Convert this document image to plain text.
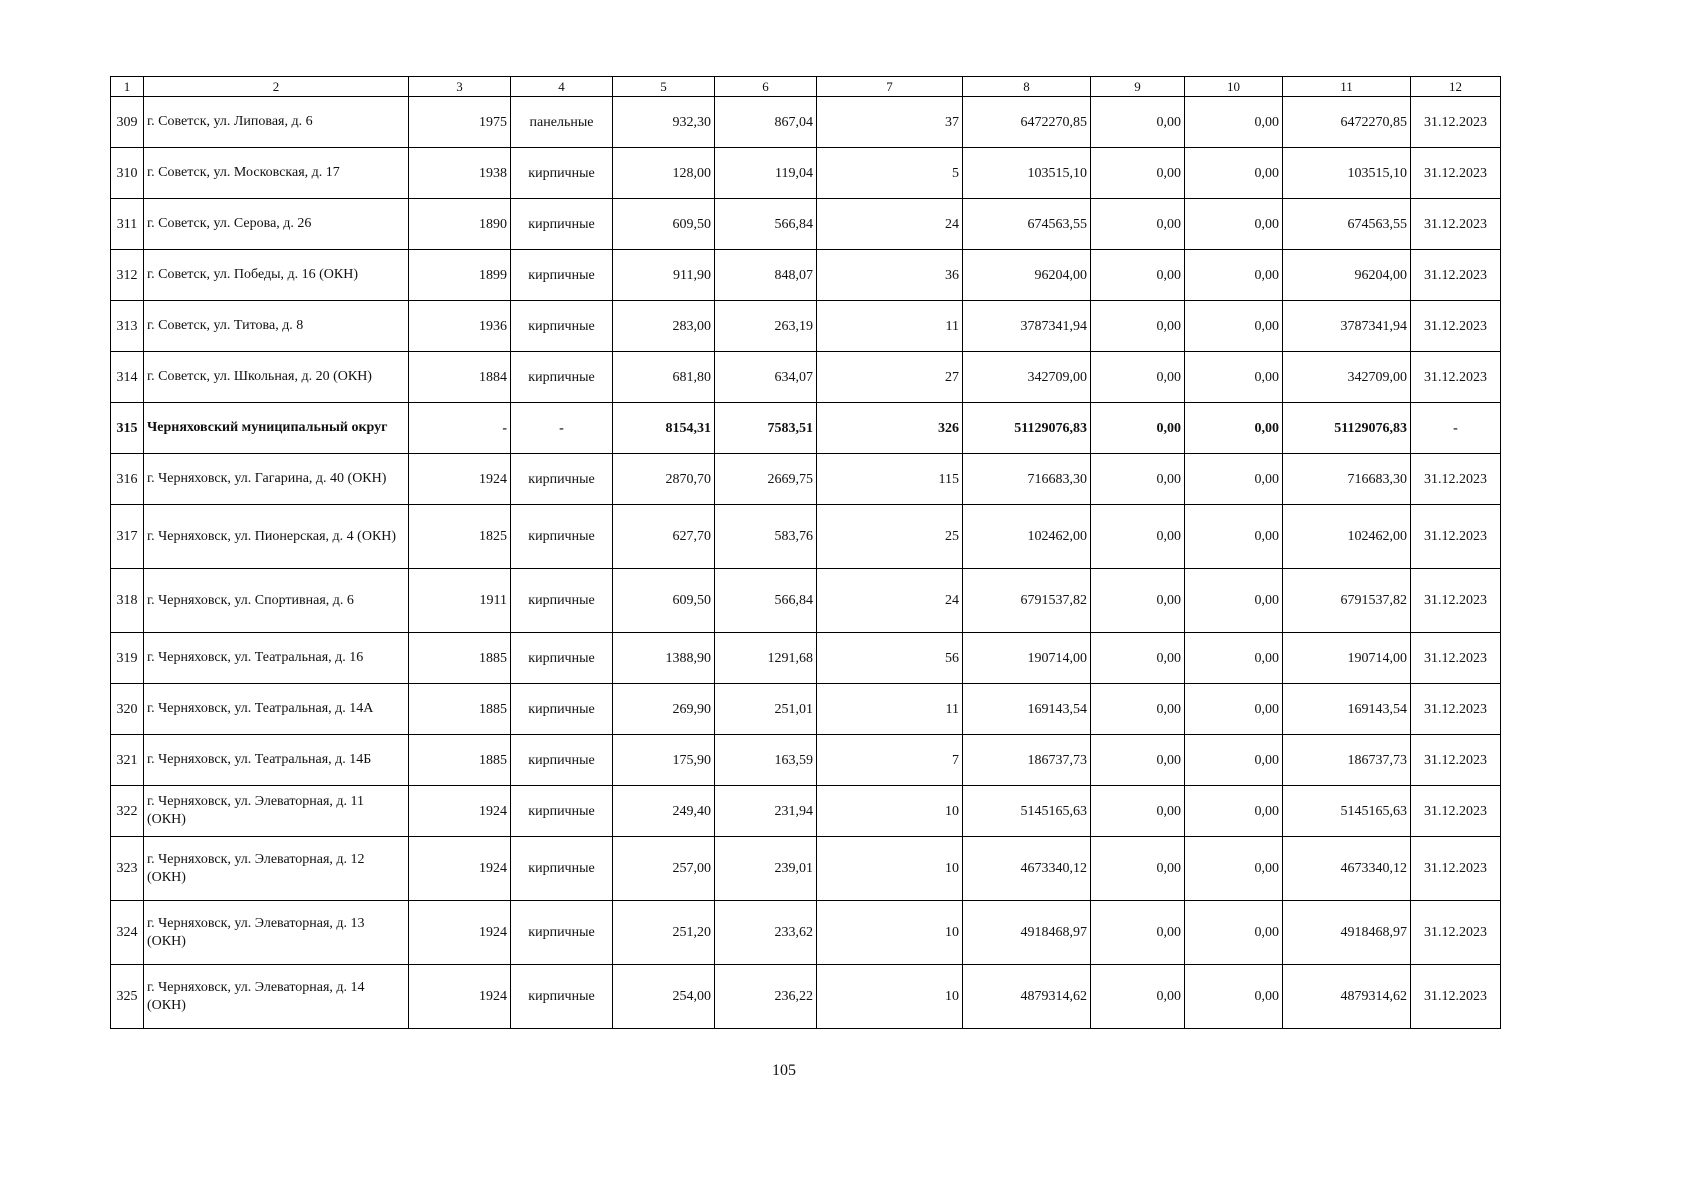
1	2	3	4	5	6	7	8	9	10	11	12
309	г. Советск, ул. Липовая, д. 6	1975	панельные	932,30	867,04	37	6472270,85	0,00	0,00	6472270,85	31.12.2023
310	г. Советск, ул. Московская, д. 17	1938	кирпичные	128,00	119,04	5	103515,10	0,00	0,00	103515,10	31.12.2023
311	г. Советск, ул. Серова, д. 26	1890	кирпичные	609,50	566,84	24	674563,55	0,00	0,00	674563,55	31.12.2023
312	г. Советск, ул. Победы, д. 16 (ОКН)	1899	кирпичные	911,90	848,07	36	96204,00	0,00	0,00	96204,00	31.12.2023
313	г. Советск, ул. Титова, д. 8	1936	кирпичные	283,00	263,19	11	3787341,94	0,00	0,00	3787341,94	31.12.2023
314	г. Советск, ул. Школьная, д. 20 (ОКН)	1884	кирпичные	681,80	634,07	27	342709,00	0,00	0,00	342709,00	31.12.2023
315	Черняховский муниципальный округ	-	-	8154,31	7583,51	326	51129076,83	0,00	0,00	51129076,83	-
316	г. Черняховск, ул. Гагарина, д. 40 (ОКН)	1924	кирпичные	2870,70	2669,75	115	716683,30	0,00	0,00	716683,30	31.12.2023
317	г. Черняховск, ул. Пионерская, д. 4 (ОКН)	1825	кирпичные	627,70	583,76	25	102462,00	0,00	0,00	102462,00	31.12.2023
318	г. Черняховск, ул. Спортивная, д. 6	1911	кирпичные	609,50	566,84	24	6791537,82	0,00	0,00	6791537,82	31.12.2023
319	г. Черняховск, ул. Театральная, д. 16	1885	кирпичные	1388,90	1291,68	56	190714,00	0,00	0,00	190714,00	31.12.2023
320	г. Черняховск, ул. Театральная, д. 14А	1885	кирпичные	269,90	251,01	11	169143,54	0,00	0,00	169143,54	31.12.2023
321	г. Черняховск, ул. Театральная, д. 14Б	1885	кирпичные	175,90	163,59	7	186737,73	0,00	0,00	186737,73	31.12.2023
322	г. Черняховск, ул. Элеваторная, д. 11 (ОКН)	1924	кирпичные	249,40	231,94	10	5145165,63	0,00	0,00	5145165,63	31.12.2023
323	г. Черняховск, ул. Элеваторная, д. 12 (ОКН)	1924	кирпичные	257,00	239,01	10	4673340,12	0,00	0,00	4673340,12	31.12.2023
324	г. Черняховск, ул. Элеваторная, д. 13 (ОКН)	1924	кирпичные	251,20	233,62	10	4918468,97	0,00	0,00	4918468,97	31.12.2023
325	г. Черняховск, ул. Элеваторная, д. 14 (ОКН)	1924	кирпичные	254,00	236,22	10	4879314,62	0,00	0,00	4879314,62	31.12.2023
105
